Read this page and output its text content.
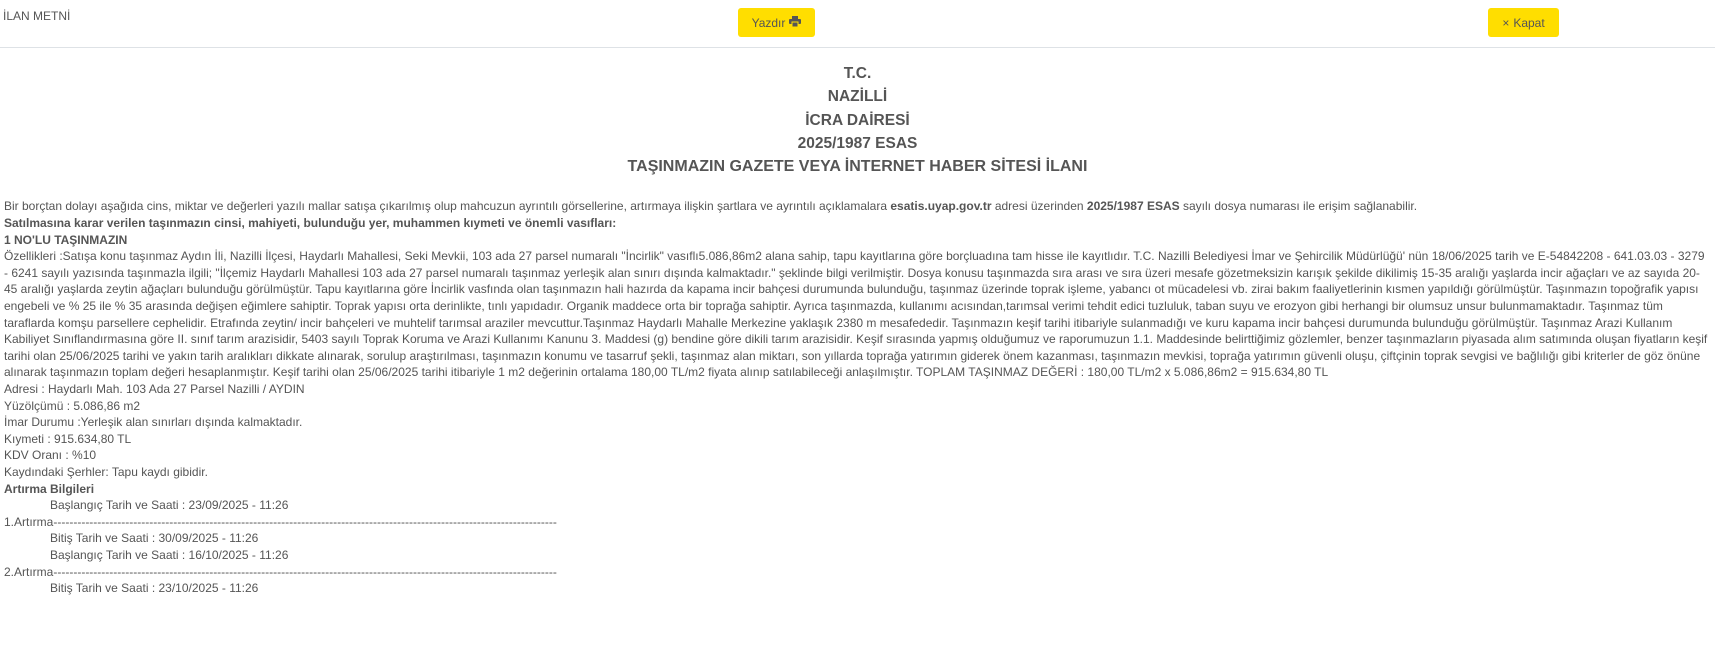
İLAN METNİ	Yazdır	× Kapat
T.C.
NAZİLLİ
İCRA DAİRESİ
2025/1987 ESAS
TAŞINMAZIN GAZETE VEYA İNTERNET HABER SİTESİ İLANI

Bir borçtan dolayı aşağıda cins, miktar ve değerleri yazılı mallar satışa çıkarılmış olup mahcuzun ayrıntılı görsellerine, artırmaya ilişkin şartlara ve ayrıntılı açıklamalara esatis.uyap.gov.tr adresi üzerinden 2025/1987 ESAS sayılı dosya numarası ile erişim sağlanabilir.

Satılmasına karar verilen taşınmazın cinsi, mahiyeti, bulunduğu yer, muhammen kıymeti ve önemli vasıfları:

1 NO'LU TAŞINMAZIN

Özellikleri :Satışa konu taşınmaz Aydın İli, Nazilli İlçesi, Haydarlı Mahallesi, Seki Mevkii, 103 ada 27 parsel numaralı "İncirlik" vasıflı5.086,86m2 alana sahip, tapu kayıtlarına göre borçluadına tam hisse ile kayıtlıdır. T.C. Nazilli Belediyesi İmar ve Şehircilik Müdürlüğü' nün 18/06/2025 tarih ve E-54842208 - 641.03.03 - 3279 - 6241 sayılı yazısında taşınmazla ilgili; "İlçemiz Haydarlı Mahallesi 103 ada 27 parsel numaralı taşınmaz yerleşik alan sınırı dışında kalmaktadır." şeklinde bilgi verilmiştir. Dosya konusu taşınmazda sıra arası ve sıra üzeri mesafe gözetmeksizin karışık şekilde dikilimiş 15-35 aralığı yaşlarda incir ağaçları ve az sayıda 20-45 aralığı yaşlarda zeytin ağaçları bulunduğu görülmüştür. Tapu kayıtlarına göre İncirlik vasfında olan taşınmazın hali hazırda da kapama incir bahçesi durumunda bulunduğu, taşınmaz üzerinde toprak işleme, yabancı ot mücadelesi vb. zirai bakım faaliyetlerinin kısmen yapıldığı görülmüştür. Taşınmazın topoğrafik yapısı engebeli ve % 25 ile % 35 arasında değişen eğimlere sahiptir. Toprak yapısı orta derinlikte, tınlı yapıdadır. Organik maddece orta bir toprağa sahiptir. Ayrıca taşınmazda, kullanımı acısından,tarımsal verimi tehdit edici tuzluluk, taban suyu ve erozyon gibi herhangi bir olumsuz unsur bulunmamaktadır. Taşınmaz tüm taraflarda komşu parsellere cephelidir. Etrafında zeytin/ incir bahçeleri ve muhtelif tarımsal araziler mevcuttur.Taşınmaz Haydarlı Mahalle Merkezine yaklaşık 2380 m mesafededir. Taşınmazın keşif tarihi itibariyle sulanmadığı ve kuru kapama incir bahçesi durumunda bulunduğu görülmüştür. Taşınmaz Arazi Kullanım Kabiliyet Sınıflandırmasına göre II. sınıf tarım arazisidir, 5403 sayılı Toprak Koruma ve Arazi Kullanımı Kanunu 3. Maddesi (g) bendine göre dikili tarım arazisidir. Keşif sırasında yapmış olduğumuz ve raporumuzun 1.1. Maddesinde belirttiğimiz gözlemler, benzer taşınmazların piyasada alım satımında oluşan fiyatların keşif tarihi olan 25/06/2025 tarihi ve yakın tarih aralıkları dikkate alınarak, sorulup araştırılması, taşınmazın konumu ve tasarruf şekli, taşınmaz alan miktarı, son yıllarda toprağa yatırımın giderek önem kazanması, taşınmazın mevkisi, toprağa yatırımın güvenli oluşu, çiftçinin toprak sevgisi ve bağlılığı gibi kriterler de göz önüne alınarak taşınmazın toplam değeri hesaplanmıştır. Keşif tarihi olan 25/06/2025 tarihi itibariyle 1 m2 değerinin ortalama 180,00 TL/m2 fiyata alınıp satılabileceği anlaşılmıştır. TOPLAM TAŞINMAZ DEĞERİ : 180,00 TL/m2 x 5.086,86m2 = 915.634,80 TL

Adresi : Haydarlı Mah. 103 Ada 27 Parsel Nazilli / AYDIN

Yüzölçümü : 5.086,86 m2

İmar Durumu :Yerleşik alan sınırları dışında kalmaktadır.

Kıymeti : 915.634,80 TL

KDV Oranı : %10

Kaydındaki Şerhler: Tapu kaydı gibidir.

Artırma Bilgileri

Başlangıç Tarih ve Saati : 23/09/2025 - 11:26

1.Artırma------------------------------------------------------------------------------------------------------------------------------

Bitiş Tarih ve Saati : 30/09/2025 - 11:26

Başlangıç Tarih ve Saati : 16/10/2025 - 11:26

2.Artırma------------------------------------------------------------------------------------------------------------------------------

Bitiş Tarih ve Saati : 23/10/2025 - 11:26
